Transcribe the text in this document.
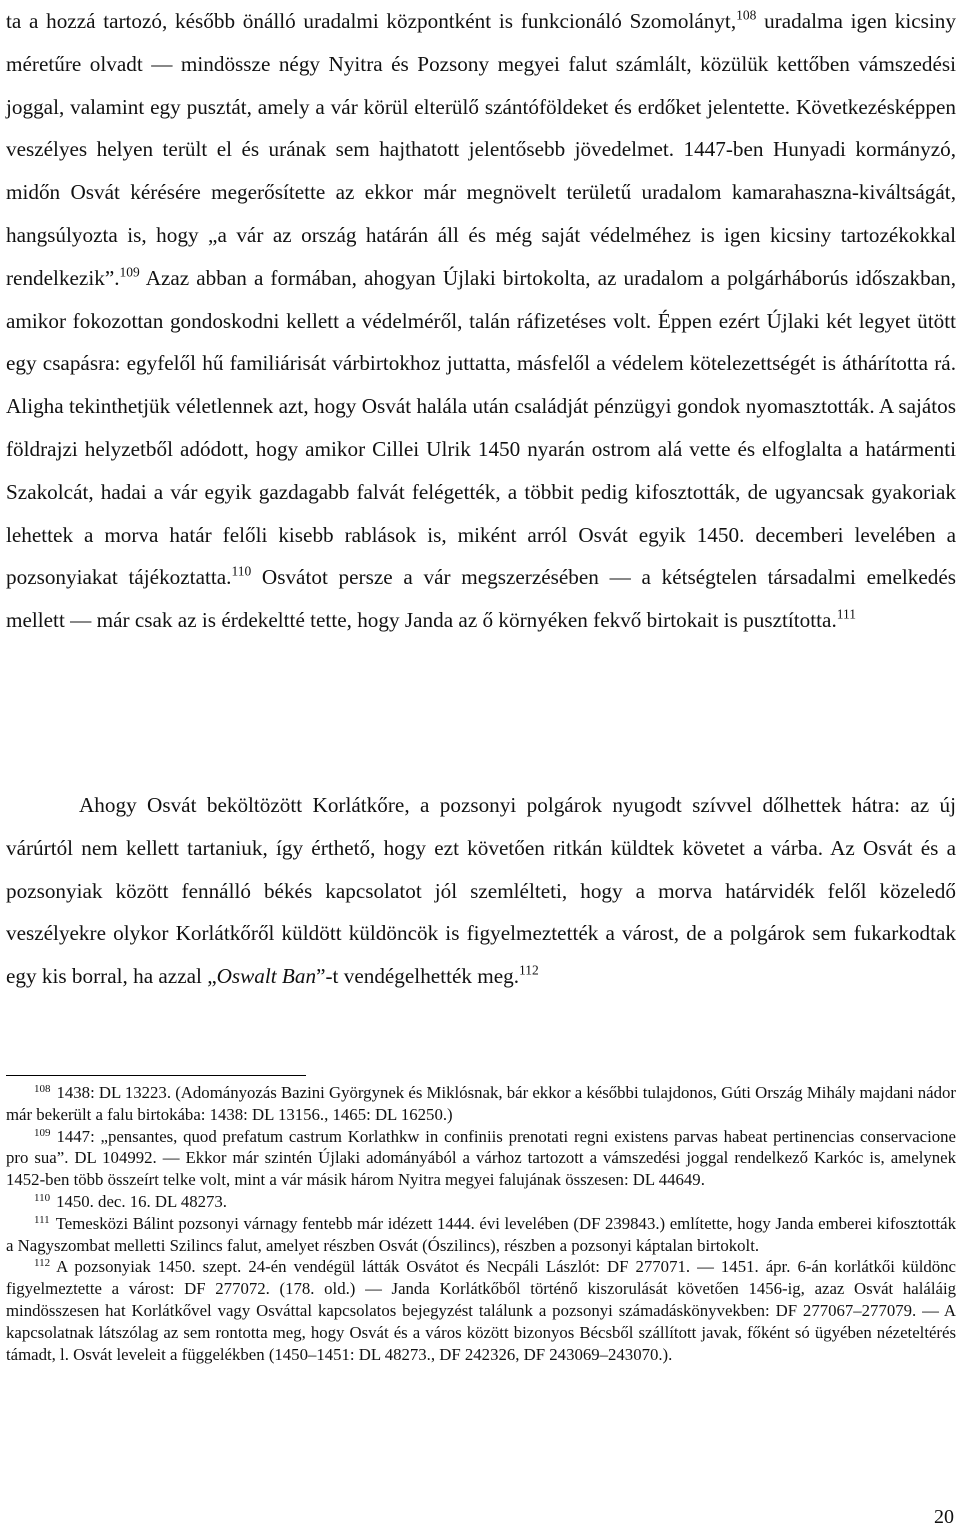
ta a hozzá tartozó, később önálló uradalmi központként is funkcionáló Szomolányt,$^{108}$ uradalma igen kicsiny méretűre olvadt — mindössze négy Nyitra és Pozsony megyei falut számlált, közülük kettőben vámszedési joggal, valamint egy pusztát, amely a vár körül elterülő szántóföldeket és erdőket jelentette. Következésképpen veszélyes helyen terült el és urának sem hajthatott jelentősebb jövedelmet. 1447-ben Hunyadi kormányzó, midőn Osvát kérésére megerősítette az ekkor már megnövelt területű uradalom kamarahaszna-kiváltságát, hangsúlyozta is, hogy „a vár az ország határán áll és még saját védelméhez is igen kicsiny tartozékokkal rendelkezik”.$^{109}$ Azaz abban a formában, ahogyan Újlaki birtokolta, az uradalom a polgárháborús időszakban, amikor fokozottan gondoskodni kellett a védelméről, talán ráfizetéses volt. Éppen ezért Újlaki két legyet ütött egy csapásra: egyfelől hű familiárisát várbirtokhoz juttatta, másfelől a védelem kötelezettségét is áthárította rá. Aligha tekinthetjük véletlennek azt, hogy Osvát halála után családját pénzügyi gondok nyomasztották. A sajátos földrajzi helyzetből adódott, hogy amikor Cillei Ulrik 1450 nyarán ostrom alá vette és elfoglalta a határmenti Szakolcát, hadai a vár egyik gazdagabb falvát felégették, a többit pedig kifosztották, de ugyancsak gyakoriak lehettek a morva határ felőli kisebb rablások is, miként arról Osvát egyik 1450. decemberi levelében a pozsonyiakat tájékoztatta.$^{110}$ Osvátot persze a vár megszerzésében — a kétségtelen társadalmi emelkedés mellett — már csak az is érdekeltté tette, hogy Janda az ő környéken fekvő birtokait is pusztította.$^{111}$

Ahogy Osvát beköltözött Korlátkőre, a pozsonyi polgárok nyugodt szívvel dőlhettek hátra: az új várúrtól nem kellett tartaniuk, így érthető, hogy ezt követően ritkán küldtek követet a várba. Az Osvát és a pozsonyiak között fennálló békés kapcsolatot jól szemlélteti, hogy a morva határvidék felől közeledő veszélyekre olykor Korlátkőről küldött küldöncök is figyelmeztették a várost, de a polgárok sem fukarkodtak egy kis borral, ha azzal „Oswalt Ban”-t vendégelhették meg.$^{112}$

$^{108}$ 1438: DL 13223. (Adományozás Bazini Györgynek és Miklósnak, bár ekkor a későbbi tulajdonos, Gúti Ország Mihály majdani nádor már bekerült a falu birtokába: 1438: DL 13156., 1465: DL 16250.)

$^{109}$ 1447: „pensantes, quod prefatum castrum Korlathkw in confiniis prenotati regni existens parvas habeat pertinencias conservacione pro sua”. DL 104992. — Ekkor már szintén Újlaki adományából a várhoz tartozott a vámszedési joggal rendelkező Karkóc is, amelynek 1452-ben több összeírt telke volt, mint a vár másik három Nyitra megyei falujának összesen: DL 44649.

$^{110}$ 1450. dec. 16. DL 48273.

$^{111}$ Temesközi Bálint pozsonyi várnagy fentebb már idézett 1444. évi levelében (DF 239843.) említette, hogy Janda emberei kifosztották a Nagyszombat melletti Szilincs falut, amelyet részben Osvát (Ószilincs), részben a pozsonyi káptalan birtokolt.

$^{112}$ A pozsonyiak 1450. szept. 24-én vendégül látták Osvátot és Necpáli Lászlót: DF 277071. — 1451. ápr. 6-án korlátkői küldönc figyelmeztette a várost: DF 277072. (178. old.) — Janda Korlátkőből történő kiszorulását követően 1456-ig, azaz Osvát haláláig mindösszesen hat Korlátkővel vagy Osváttal kapcsolatos bejegyzést találunk a pozsonyi számadáskönyvekben: DF 277067–277079. — A kapcsolatnak látszólag az sem rontotta meg, hogy Osvát és a város között bizonyos Bécsből szállított javak, főként só ügyében nézeteltérés támadt, l. Osvát leveleit a függelékben (1450–1451: DL 48273., DF 242326, DF 243069–243070.).

20
